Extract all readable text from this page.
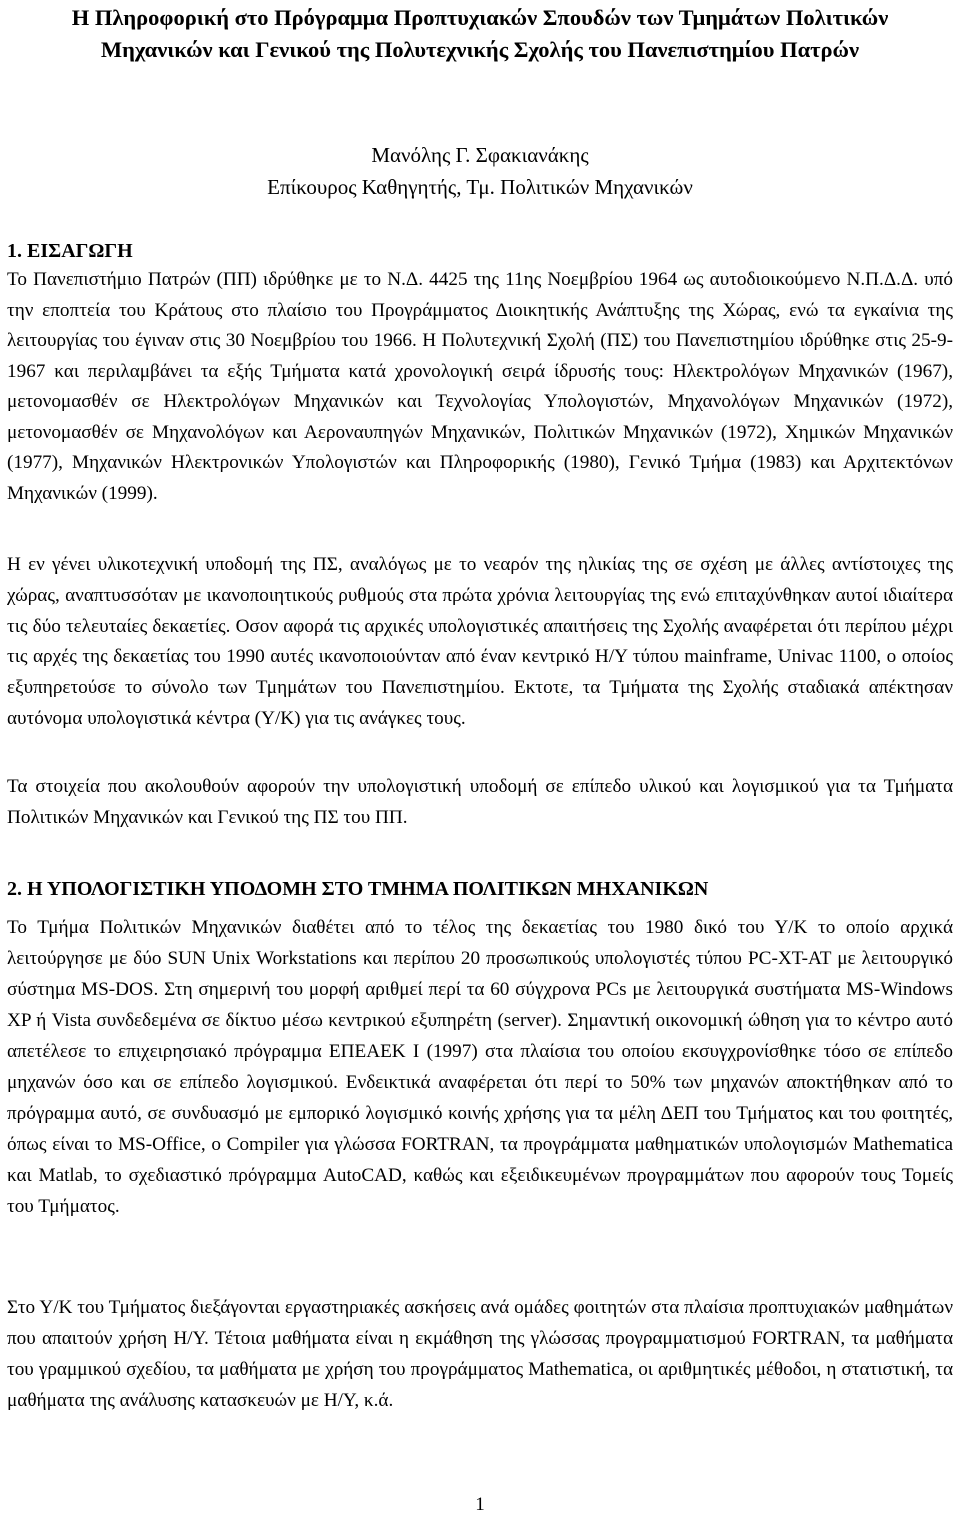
Η Πληροφορική στο Πρόγραμμα Προπτυχιακών Σπουδών των Τμημάτων Πολιτικών Μηχανικών και Γενικού της Πολυτεχνικής Σχολής του Πανεπιστημίου Πατρών

Μανόλης Γ. Σφακιανάκης

Επίκουρος Καθηγητής, Τμ. Πολιτικών Μηχανικών

1. ΕΙΣΑΓΩΓΗ

Το Πανεπιστήμιο Πατρών (ΠΠ) ιδρύθηκε με το Ν.Δ. 4425 της 11ης Νοεμβρίου 1964 ως αυτοδιοικούμενο Ν.Π.Δ.Δ. υπό την εποπτεία του Κράτους στο πλαίσιο του Προγράμματος Διοικητικής Ανάπτυξης της Χώρας, ενώ τα εγκαίνια της λειτουργίας του έγιναν στις 30 Νοεμβρίου του 1966. Η Πολυτεχνική Σχολή (ΠΣ) του Πανεπιστημίου ιδρύθηκε στις 25-9-1967 και περιλαμβάνει τα εξής Τμήματα κατά χρονολογική σειρά ίδρυσής τους: Ηλεκτρολόγων Μηχανικών (1967), μετονομασθέν σε Ηλεκτρολόγων Μηχανικών και Τεχνολογίας Υπολογιστών, Μηχανολόγων Μηχανικών (1972), μετονομασθέν σε Μηχανολόγων και Αεροναυπηγών Μηχανικών, Πολιτικών Μηχανικών (1972), Χημικών Μηχανικών (1977), Μηχανικών Ηλεκτρονικών Υπολογιστών και Πληροφορικής (1980), Γενικό Τμήμα (1983) και Αρχιτεκτόνων Μηχανικών (1999).

Η εν γένει υλικοτεχνική υποδομή της ΠΣ, αναλόγως με το νεαρόν της ηλικίας της σε σχέση με άλλες αντίστοιχες της χώρας, αναπτυσσόταν με ικανοποιητικούς ρυθμούς στα πρώτα χρόνια λειτουργίας της ενώ επιταχύνθηκαν αυτοί ιδιαίτερα τις δύο τελευταίες δεκαετίες. Οσον αφορά τις αρχικές υπολογιστικές απαιτήσεις της Σχολής αναφέρεται ότι περίπου μέχρι τις αρχές της δεκαετίας του 1990 αυτές ικανοποιούνταν από έναν κεντρικό Η/Υ τύπου mainframe, Univac 1100, ο οποίος εξυπηρετούσε το σύνολο των Τμημάτων του Πανεπιστημίου. Εκτοτε, τα Τμήματα της Σχολής σταδιακά απέκτησαν αυτόνομα υπολογιστικά κέντρα (Υ/Κ) για τις ανάγκες τους.

Τα στοιχεία που ακολουθούν αφορούν την υπολογιστική υποδομή σε επίπεδο υλικού και λογισμικού για τα Τμήματα Πολιτικών Μηχανικών και Γενικού της ΠΣ του ΠΠ.

2. Η ΥΠΟΛΟΓΙΣΤΙΚΗ ΥΠΟΔΟΜΗ ΣΤΟ ΤΜΗΜΑ ΠΟΛΙΤΙΚΩΝ ΜΗΧΑΝΙΚΩΝ

Το Τμήμα Πολιτικών Μηχανικών διαθέτει από το τέλος της δεκαετίας του 1980 δικό του Υ/Κ το οποίο αρχικά λειτούργησε με δύο SUN Unix Workstations και περίπου 20 προσωπικούς υπολογιστές τύπου PC-XT-AT με λειτουργικό σύστημα MS-DOS. Στη σημερινή του μορφή αριθμεί περί τα 60 σύγχρονα PCs με λειτουργικά συστήματα MS-Windows XP ή Vista συνδεδεμένα σε δίκτυο μέσω κεντρικού εξυπηρέτη (server). Σημαντική οικονομική ώθηση για το κέντρο αυτό απετέλεσε το επιχειρησιακό πρόγραμμα ΕΠΕΑΕΚ Ι (1997) στα πλαίσια του οποίου εκσυγχρονίσθηκε τόσο σε επίπεδο μηχανών όσο και σε επίπεδο λογισμικού. Ενδεικτικά αναφέρεται ότι περί το 50% των μηχανών αποκτήθηκαν από το πρόγραμμα αυτό, σε συνδυασμό με εμπορικό λογισμικό κοινής χρήσης για τα μέλη ΔΕΠ του Τμήματος και του φοιτητές, όπως είναι το MS-Office, o Compiler για γλώσσα FORTRAN, τα προγράμματα μαθηματικών υπολογισμών Mathematica και Matlab, το σχεδιαστικό πρόγραμμα AutoCAD, καθώς και εξειδικευμένων προγραμμάτων που αφορούν τους Τομείς του Τμήματος.

Στο Υ/Κ του Τμήματος διεξάγονται εργαστηριακές ασκήσεις ανά ομάδες φοιτητών στα πλαίσια προπτυχιακών μαθημάτων που απαιτούν χρήση Η/Υ. Τέτοια μαθήματα είναι η εκμάθηση της γλώσσας προγραμματισμού FORTRAN, τα μαθήματα του γραμμικού σχεδίου, τα μαθήματα με χρήση του προγράμματος Mathematica, οι αριθμητικές μέθοδοι, η στατιστική, τα μαθήματα της ανάλυσης κατασκευών με Η/Υ, κ.ά.

1
